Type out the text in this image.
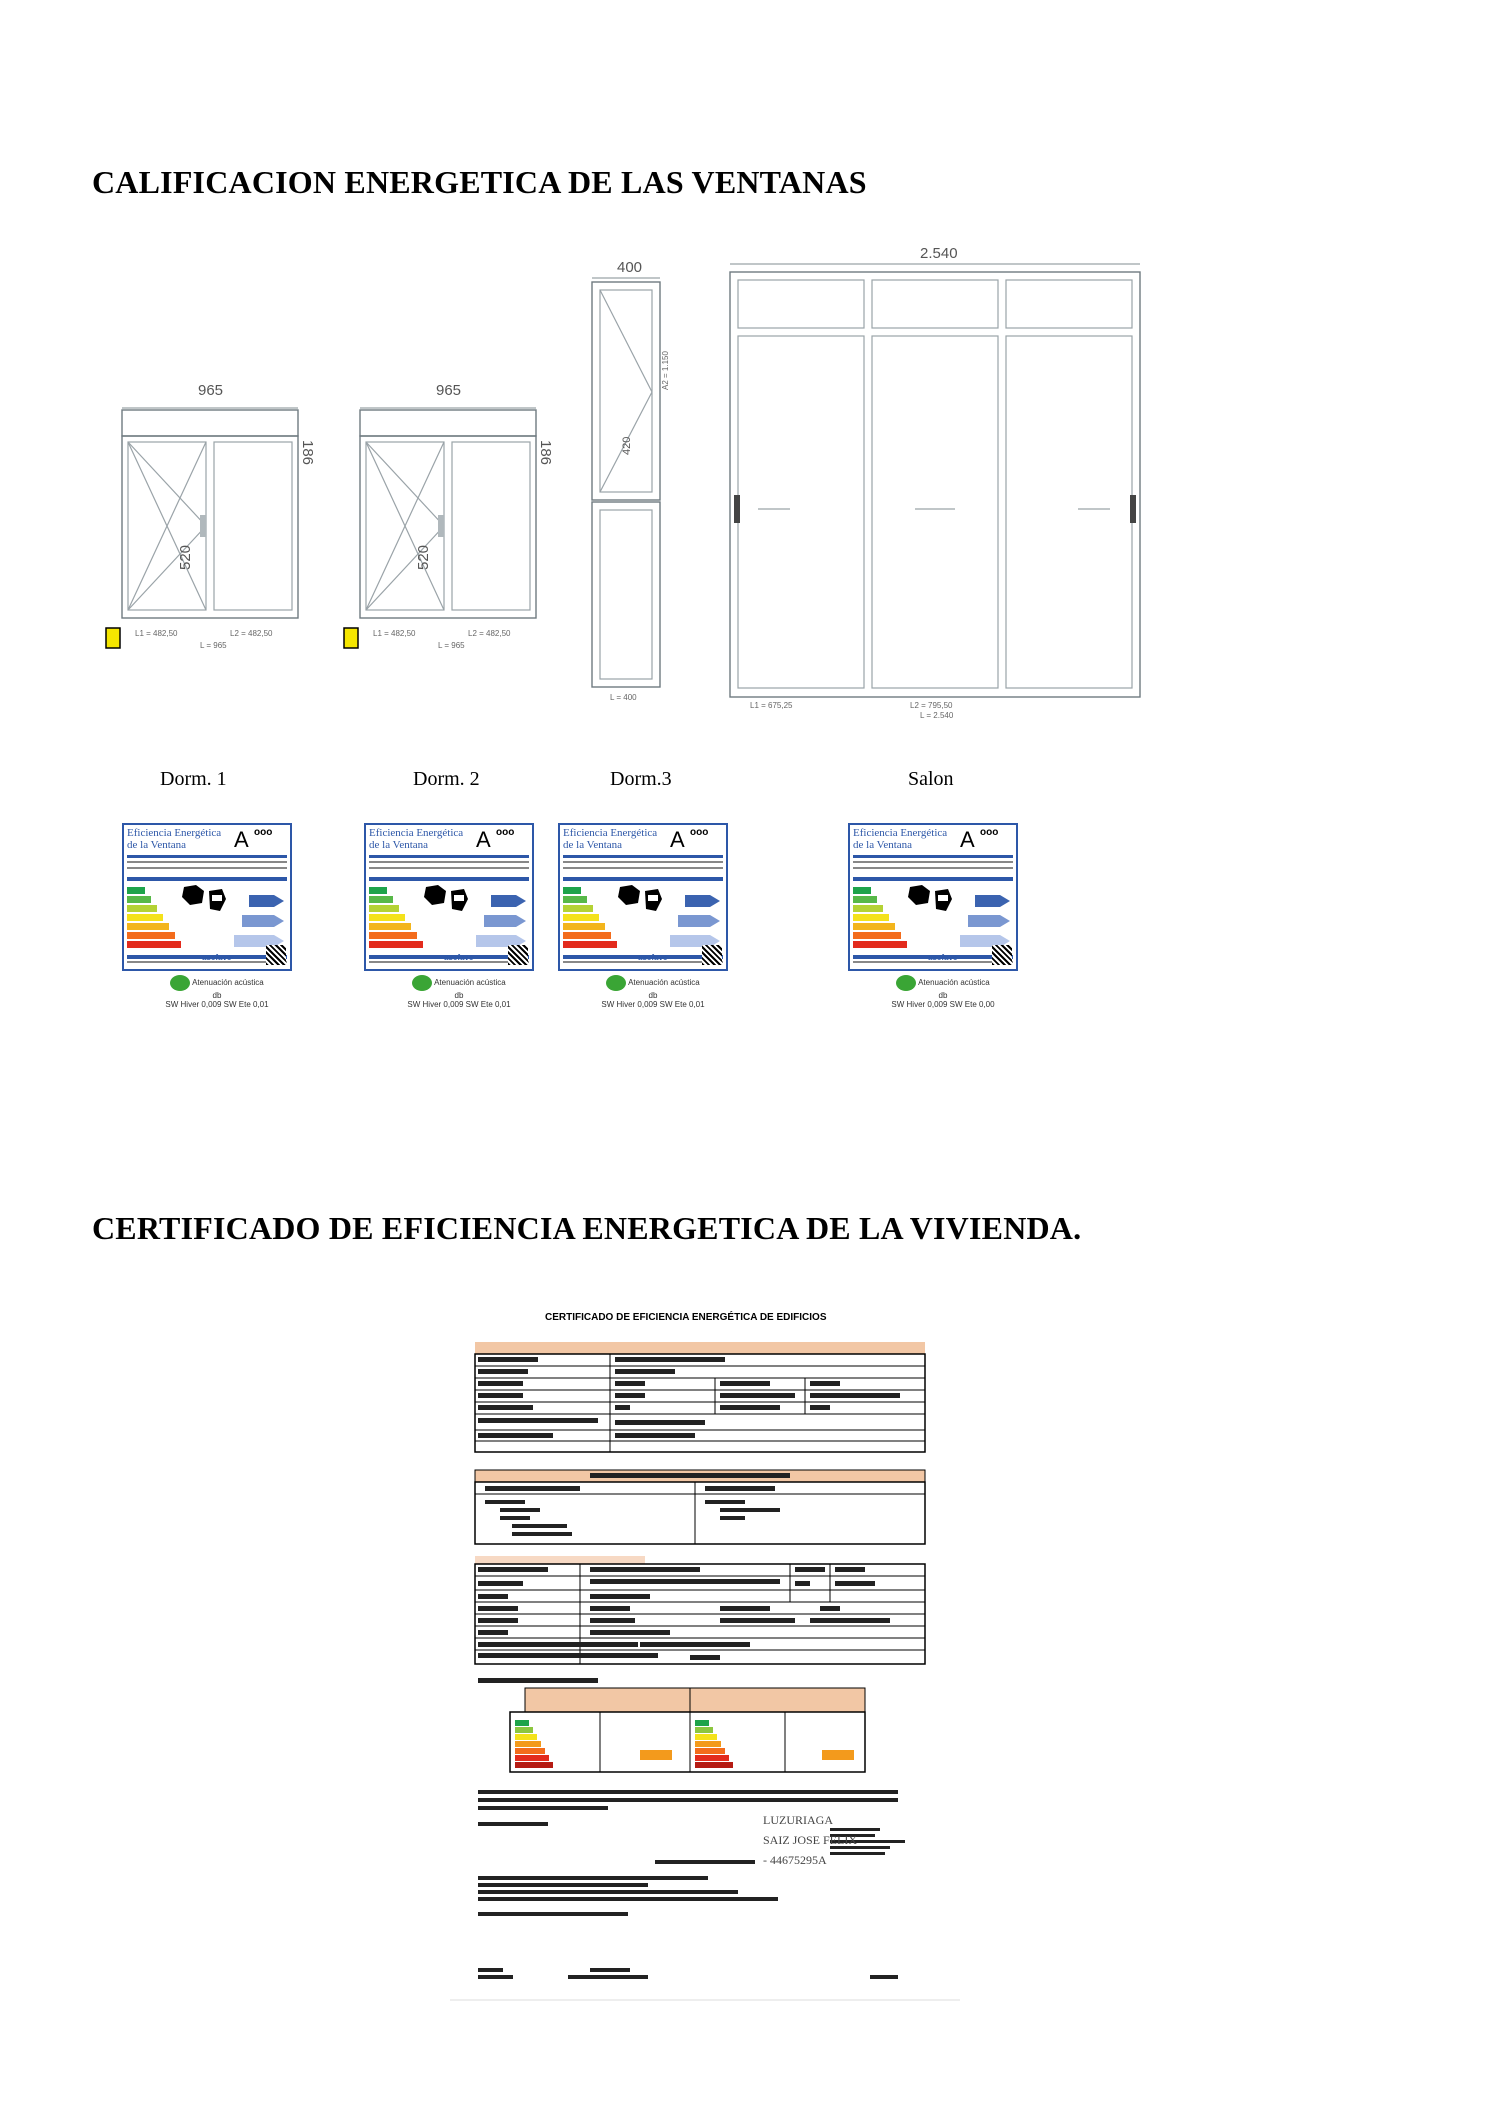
CALIFICACION ENERGETICA DE LAS VENTANAS
965
186
520
L1 = 482,50	L2 = 482,50
L = 965
965
186
520
L1 = 482,50	L2 = 482,50
L = 965
400
420
A2 = 1.150
L = 400
2.540
L1 = 675,25	L2 = 795,50
L = 2.540
Dorm. 1	Dorm. 2	Dorm.3	Salon
Eficiencia Energética
de la Ventana	A ooo
asefave
Atenuación acústica
db
SW Hiver 0,009 SW Ete 0,01
Eficiencia Energética
de la Ventana	A ooo
asefave
Atenuación acústica
db
SW Hiver 0,009 SW Ete 0,01
Eficiencia Energética
de la Ventana	A ooo
asefave
Atenuación acústica
db
SW Hiver 0,009 SW Ete 0,01
Eficiencia Energética
de la Ventana	A ooo
asefave
Atenuación acústica
db
SW Hiver 0,009 SW Ete 0,00
CERTIFICADO DE EFICIENCIA ENERGETICA DE LA VIVIENDA.
CERTIFICADO DE EFICIENCIA ENERGÉTICA DE EDIFICIOS
LUZURIAGA
SAIZ JOSE FELIX
- 44675295A
